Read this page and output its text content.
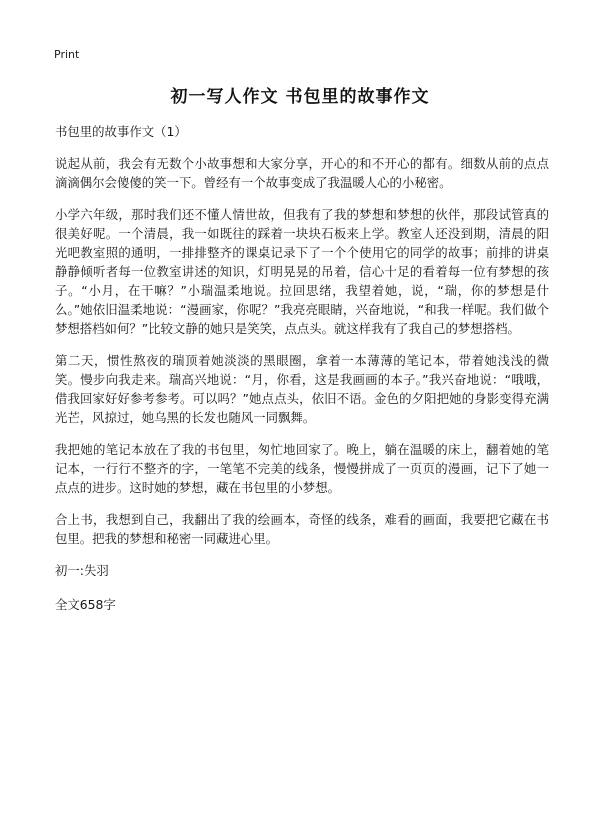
Print
初一写人作文 书包里的故事作文

书包里的故事作文（1）

说起从前，我会有无数个小故事想和大家分享，开心的和不开心的都有。细数从前的点点滴滴偶尔会傻傻的笑一下。曾经有一个故事变成了我温暖人心的小秘密。

小学六年级，那时我们还不懂人情世故，但我有了我的梦想和梦想的伙伴，那段试管真的很美好呢。一个清晨，我一如既往的踩着一块块石板来上学。教室人还没到期，清晨的阳光吧教室照的通明，一排排整齐的课桌记录下了一个个使用它的同学的故事；前排的讲桌静静倾听者每一位教室讲述的知识，灯明晃晃的吊着，信心十足的看着每一位有梦想的孩子。“小月，在干嘛？”小瑞温柔地说。拉回思绪，我望着她，说，“瑞，你的梦想是什么。”她依旧温柔地说：“漫画家，你呢？”我亮亮眼睛，兴奋地说，“和我一样呢。我们做个梦想搭档如何？”比较文静的她只是笑笑，点点头。就这样我有了我自己的梦想搭档。

第二天，惯性熬夜的瑞顶着她淡淡的黑眼圈，拿着一本薄薄的笔记本，带着她浅浅的微笑。慢步向我走来。瑞高兴地说：“月，你看，这是我画画的本子。”我兴奋地说：“哦哦，借我回家好好参考参考。可以吗？”她点点头，依旧不语。金色的夕阳把她的身影变得充满光芒，风掠过，她乌黑的长发也随风一同飘舞。

我把她的笔记本放在了我的书包里，匆忙地回家了。晚上，躺在温暖的床上，翻着她的笔记本，一行行不整齐的字，一笔笔不完美的线条，慢慢拼成了一页页的漫画，记下了她一点点的进步。这时她的梦想，藏在书包里的小梦想。

合上书，我想到自己，我翻出了我的绘画本，奇怪的线条，难看的画面，我要把它藏在书包里。把我的梦想和秘密一同藏进心里。

初一:失羽

全文658字
